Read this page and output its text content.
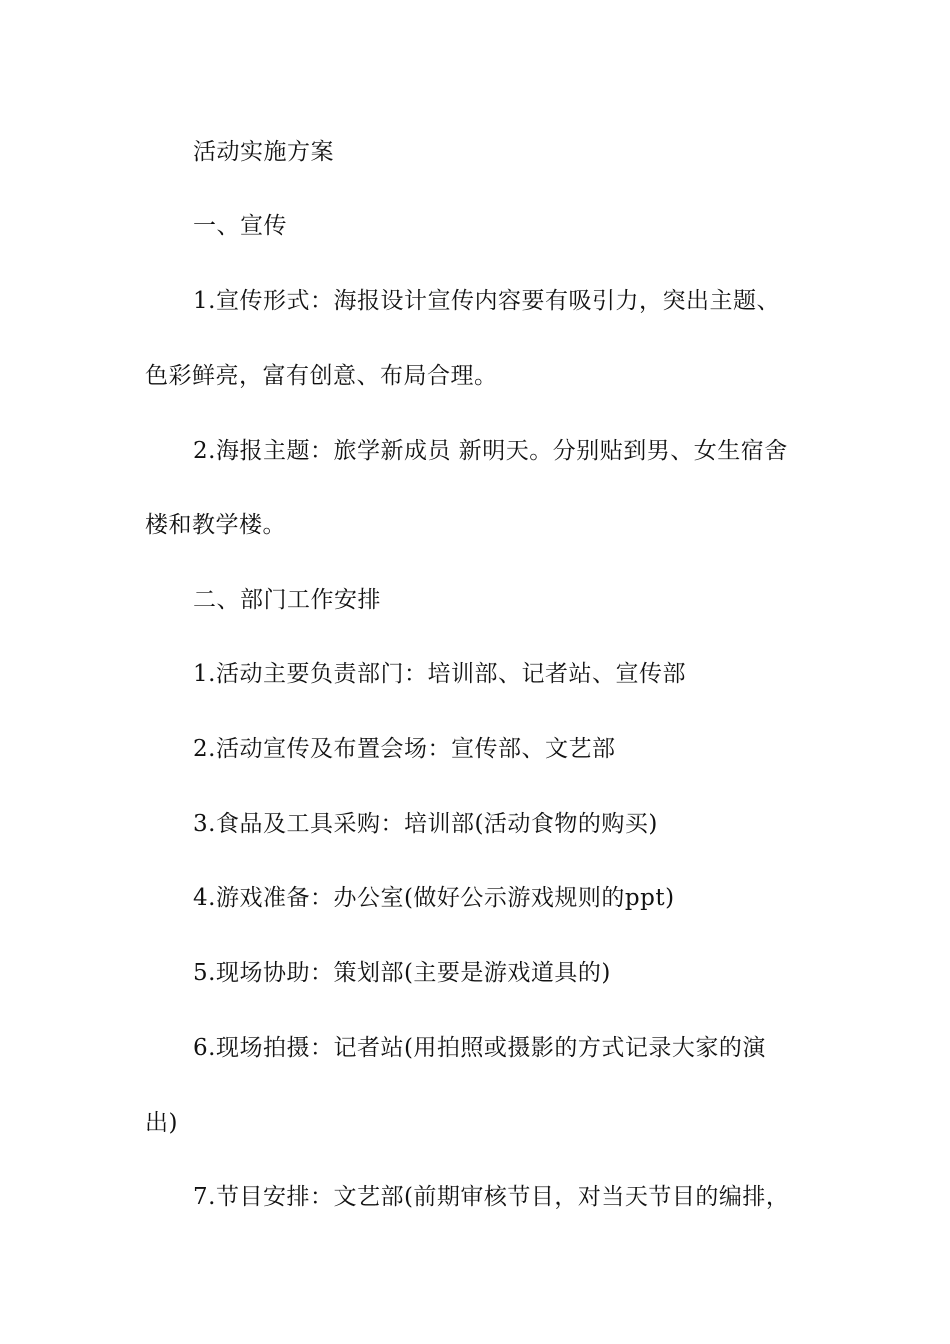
活动实施方案
一、宣传
1.宣传形式：海报设计宣传内容要有吸引力，突出主题、
色彩鲜亮，富有创意、布局合理。
2.海报主题：旅学新成员 新明天。分别贴到男、女生宿舍
楼和教学楼。
二、部门工作安排
1.活动主要负责部门：培训部、记者站、宣传部
2.活动宣传及布置会场：宣传部、文艺部
3.食品及工具采购：培训部(活动食物的购买)
4.游戏准备：办公室(做好公示游戏规则的ppt)
5.现场协助：策划部(主要是游戏道具的)
6.现场拍摄：记者站(用拍照或摄影的方式记录大家的演
出)
7.节目安排：文艺部(前期审核节目，对当天节目的编排，
